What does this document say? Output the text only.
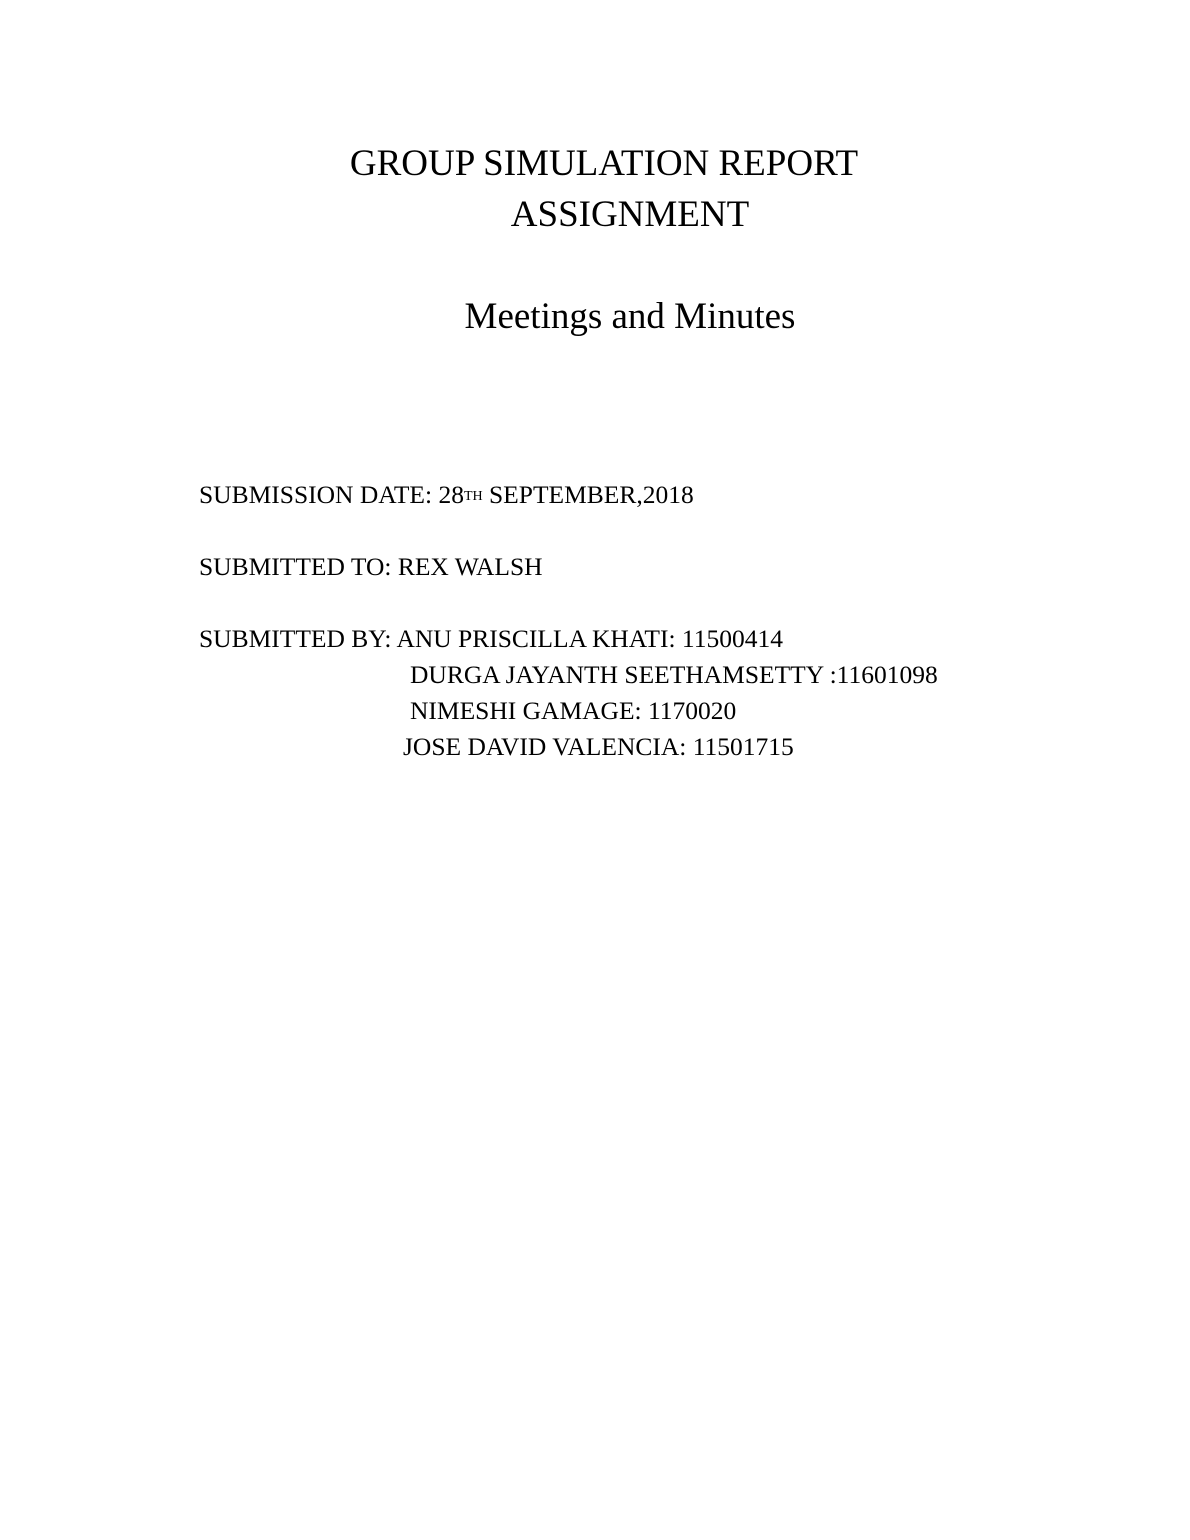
GROUP SIMULATION REPORT
ASSIGNMENT
Meetings and Minutes
SUBMISSION DATE: 28TH SEPTEMBER,2018
SUBMITTED TO: REX WALSH
SUBMITTED BY: ANU PRISCILLA KHATI: 11500414
DURGA JAYANTH SEETHAMSETTY :11601098
NIMESHI GAMAGE: 1170020
JOSE DAVID VALENCIA: 11501715
